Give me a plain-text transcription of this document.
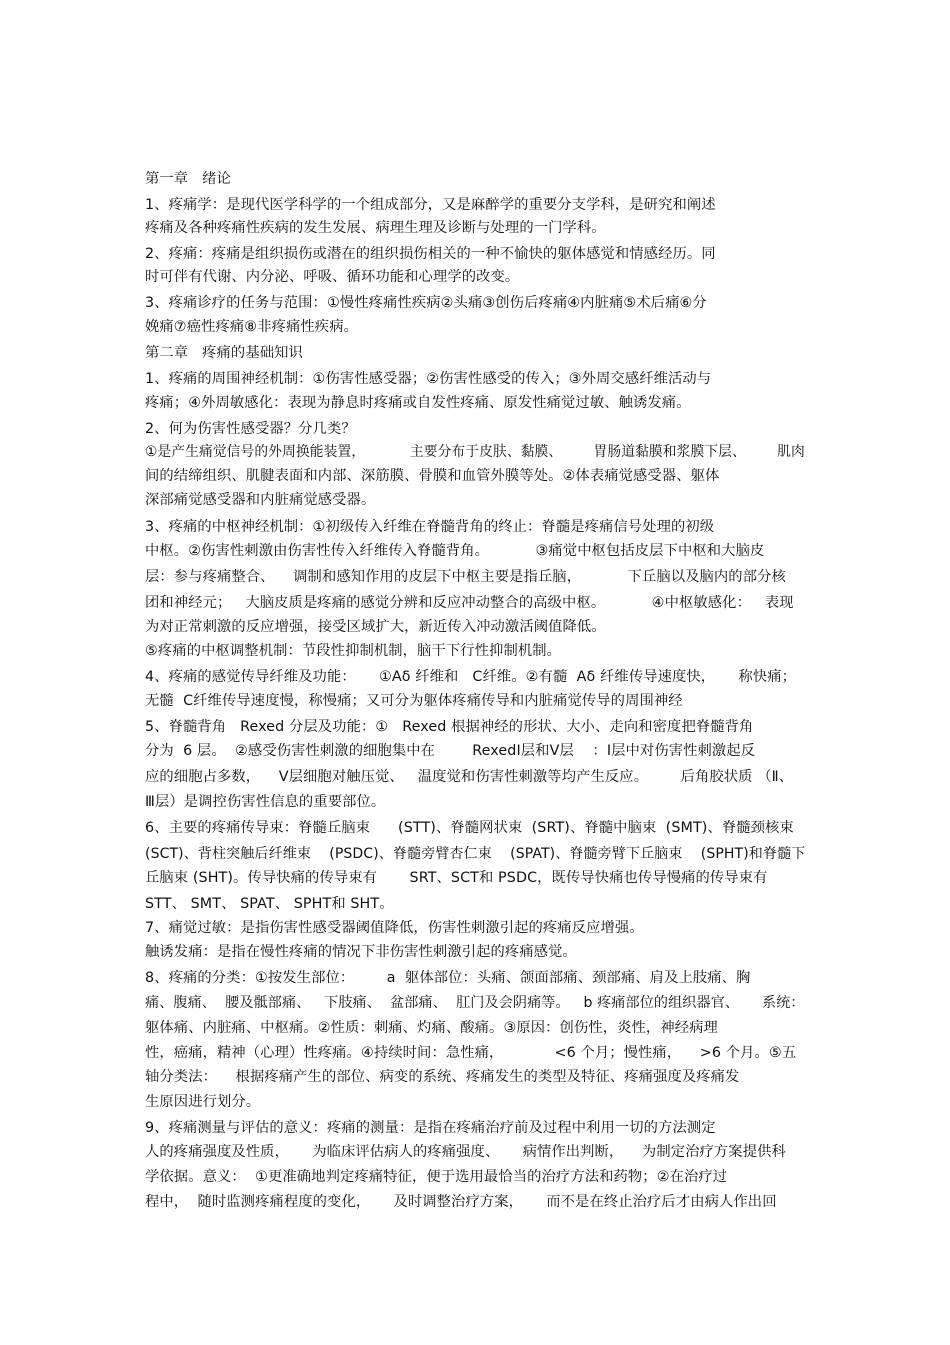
第一章   绪论
1、疼痛学：是现代医学科学的一个组成部分，又是麻醉学的重要分支学科，是研究和阐述
疼痛及各种疼痛性疾病的发生发展、病理生理及诊断与处理的一门学科。
2、疼痛：疼痛是组织损伤或潜在的组织损伤相关的一种不愉快的躯体感觉和情感经历。同
时可伴有代谢、内分泌、呼吸、循环功能和心理学的改变。
3、疼痛诊疗的任务与范围：①慢性疼痛性疾病②头痛③创伤后疼痛④内脏痛⑤术后痛⑥分
娩痛⑦癌性疼痛⑧非疼痛性疾病。
第二章   疼痛的基础知识
1、疼痛的周围神经机制：①伤害性感受器；②伤害性感受的传入；③外周交感纤维活动与
疼痛；④外周敏感化：表现为静息时疼痛或自发性疼痛、原发性痛觉过敏、触诱发痛。
2、何为伤害性感受器？分几类？
①是产生痛觉信号的外周换能装置，          主要分布于皮肤、黏膜、       胃肠道黏膜和浆膜下层、       肌肉
间的结缔组织、肌腱表面和内部、深筋膜、骨膜和血管外膜等处。②体表痛觉感受器、躯体
深部痛觉感受器和内脏痛觉感受器。
3、疼痛的中枢神经机制：①初级传入纤维在脊髓背角的终止：脊髓是疼痛信号处理的初级
中枢。②伤害性刺激由伤害性传入纤维传入脊髓背角。          ③痛觉中枢包括皮层下中枢和大脑皮
层：参与疼痛整合、    调制和感知作用的皮层下中枢主要是指丘脑，          下丘脑以及脑内的部分核
团和神经元；   大脑皮质是疼痛的感觉分辨和反应冲动整合的高级中枢。          ④中枢敏感化：   表现
为对正常刺激的反应增强，接受区域扩大，新近传入冲动激活阈值降低。
⑤疼痛的中枢调整机制：节段性抑制机制，脑干下行性抑制机制。
4、疼痛的感觉传导纤维及功能：     ①Aδ 纤维和   C纤维。②有髓  Aδ 纤维传导速度快，     称快痛；
无髓  C纤维传导速度慢，称慢痛；又可分为躯体疼痛传导和内脏痛觉传导的周围神经
5、脊髓背角   Rexed 分层及功能：①   Rexed 根据神经的形状、大小、走向和密度把脊髓背角
分为  6 层。  ②感受伤害性刺激的细胞集中在        RexedⅠ层和Ⅴ层    ：Ⅰ层中对伤害性刺激起反
应的细胞占多数，    Ⅴ层细胞对触压觉、   温度觉和伤害性刺激等均产生反应。       后角胶状质 （Ⅱ、
Ⅲ层）是调控伤害性信息的重要部位。
6、主要的疼痛传导束：脊髓丘脑束      (STT)、脊髓网状束  (SRT)、脊髓中脑束  (SMT)、脊髓颈核束
(SCT)、背柱突触后纤维束    (PSDC)、脊髓旁臂杏仁束    (SPAT)、脊髓旁臂下丘脑束    (SPHT)和脊髓下
丘脑束 (SHT)。传导快痛的传导束有       SRT、SCT和 PSDC，既传导快痛也传导慢痛的传导束有
STT、 SMT、 SPAT、 SPHT和 SHT。
7、痛觉过敏：是指伤害性感受器阈值降低，伤害性刺激引起的疼痛反应增强。
触诱发痛：是指在慢性疼痛的情况下非伤害性刺激引起的疼痛感觉。
8、疼痛的分类：①按发生部位：       a  躯体部位：头痛、颌面部痛、颈部痛、肩及上肢痛、胸
痛、腹痛、  腰及骶部痛、   下肢痛、  盆部痛、  肛门及会阴痛等。   b 疼痛部位的组织器官、     系统：
躯体痛、内脏痛、中枢痛。②性质：刺痛、灼痛、酸痛。③原因：创伤性，炎性，神经病理
性，癌痛，精神（心理）性疼痛。④持续时间：急性痛，           <6 个月；慢性痛，    >6 个月。⑤五
轴分类法：    根据疼痛产生的部位、病变的系统、疼痛发生的类型及特征、疼痛强度及疼痛发
生原因进行划分。
9、疼痛测量与评估的意义：疼痛的测量：是指在疼痛治疗前及过程中利用一切的方法测定
人的疼痛强度及性质，     为临床评估病人的疼痛强度、     病情作出判断，    为制定治疗方案提供科
学依据。意义：  ①更准确地判定疼痛特征，便于选用最恰当的治疗方法和药物；②在治疗过
程中，  随时监测疼痛程度的变化，     及时调整治疗方案，     而不是在终止治疗后才由病人作出回
